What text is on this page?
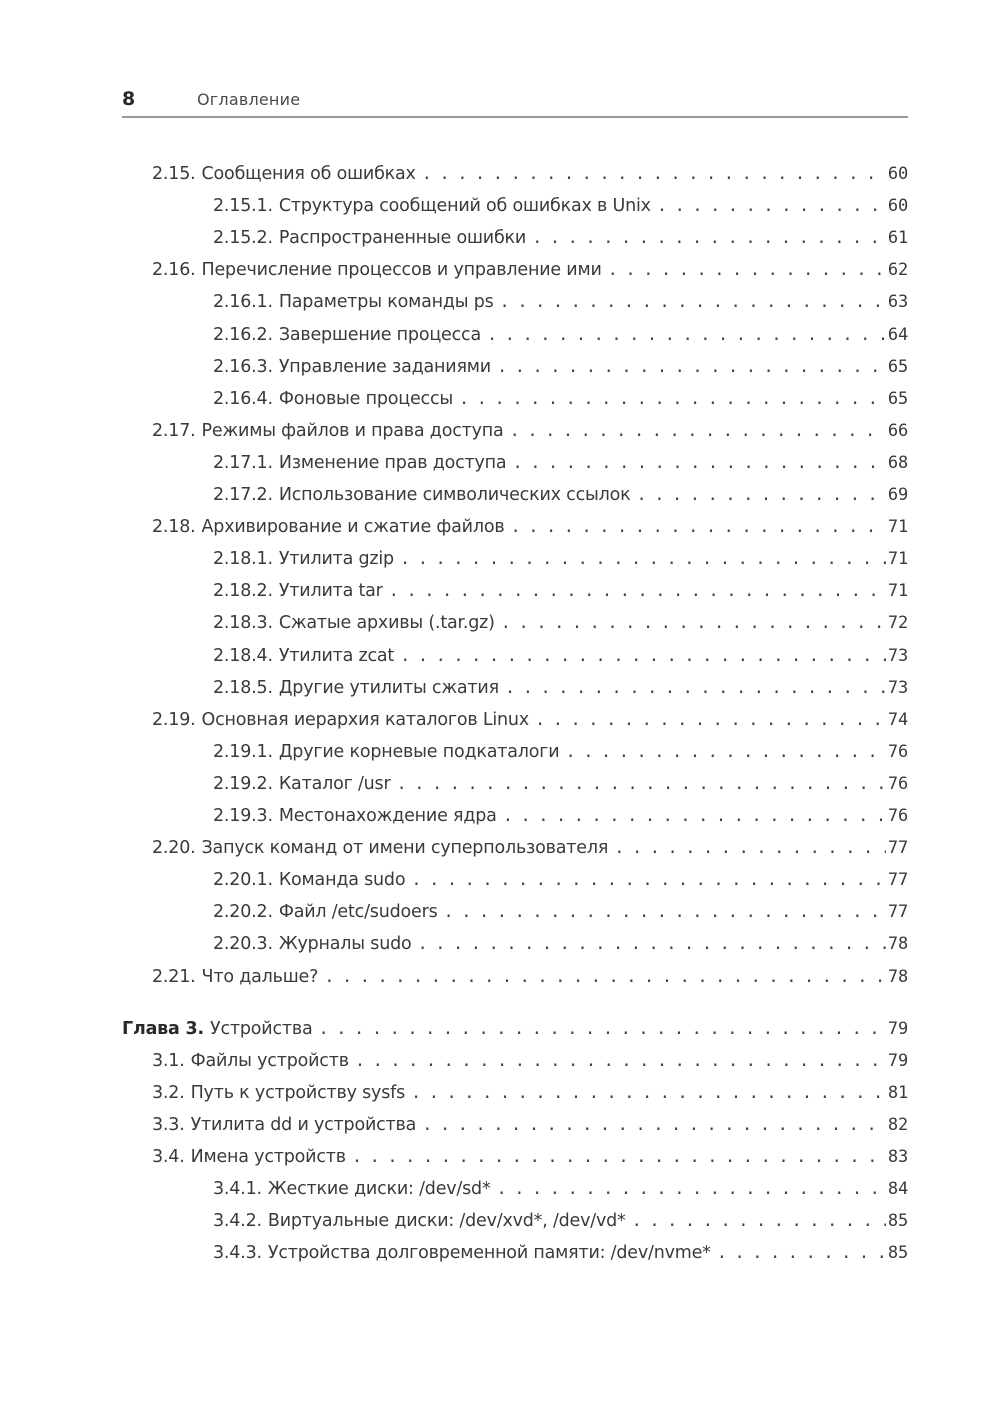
8	Оглавление
2.15. Сообщения об ошибках . . .	60
2.15.1. Структура сообщений об ошибках в Unix . . .	60
2.15.2. Распространенные ошибки . . .	61
2.16. Перечисление процессов и управление ими . . .	62
2.16.1. Параметры команды ps . . .	63
2.16.2. Завершение процесса . . .	64
2.16.3. Управление заданиями . . .	65
2.16.4. Фоновые процессы . . .	65
2.17. Режимы файлов и права доступа . . .	66
2.17.1. Изменение прав доступа . . .	68
2.17.2. Использование символических ссылок . . .	69
2.18. Архивирование и сжатие файлов . . .	71
2.18.1. Утилита gzip . . .	71
2.18.2. Утилита tar . . .	71
2.18.3. Сжатые архивы (.tar.gz) . . .	72
2.18.4. Утилита zcat . . .	73
2.18.5. Другие утилиты сжатия . . .	73
2.19. Основная иерархия каталогов Linux . . .	74
2.19.1. Другие корневые подкаталоги . . .	76
2.19.2. Каталог /usr . . .	76
2.19.3. Местонахождение ядра . . .	76
2.20. Запуск команд от имени суперпользователя . . .	77
2.20.1. Команда sudo . . .	77
2.20.2. Файл /etc/sudoers . . .	77
2.20.3. Журналы sudo . . .	78
2.21. Что дальше? . . .	78
Глава 3. Устройства . . .	79
3.1. Файлы устройств . . .	79
3.2. Путь к устройству sysfs . . .	81
3.3. Утилита dd и устройства . . .	82
3.4. Имена устройств . . .	83
3.4.1. Жесткие диски: /dev/sd* . . .	84
3.4.2. Виртуальные диски: /dev/xvd*, /dev/vd* . . .	85
3.4.3. Устройства долговременной памяти: /dev/nvme* . . .	85
